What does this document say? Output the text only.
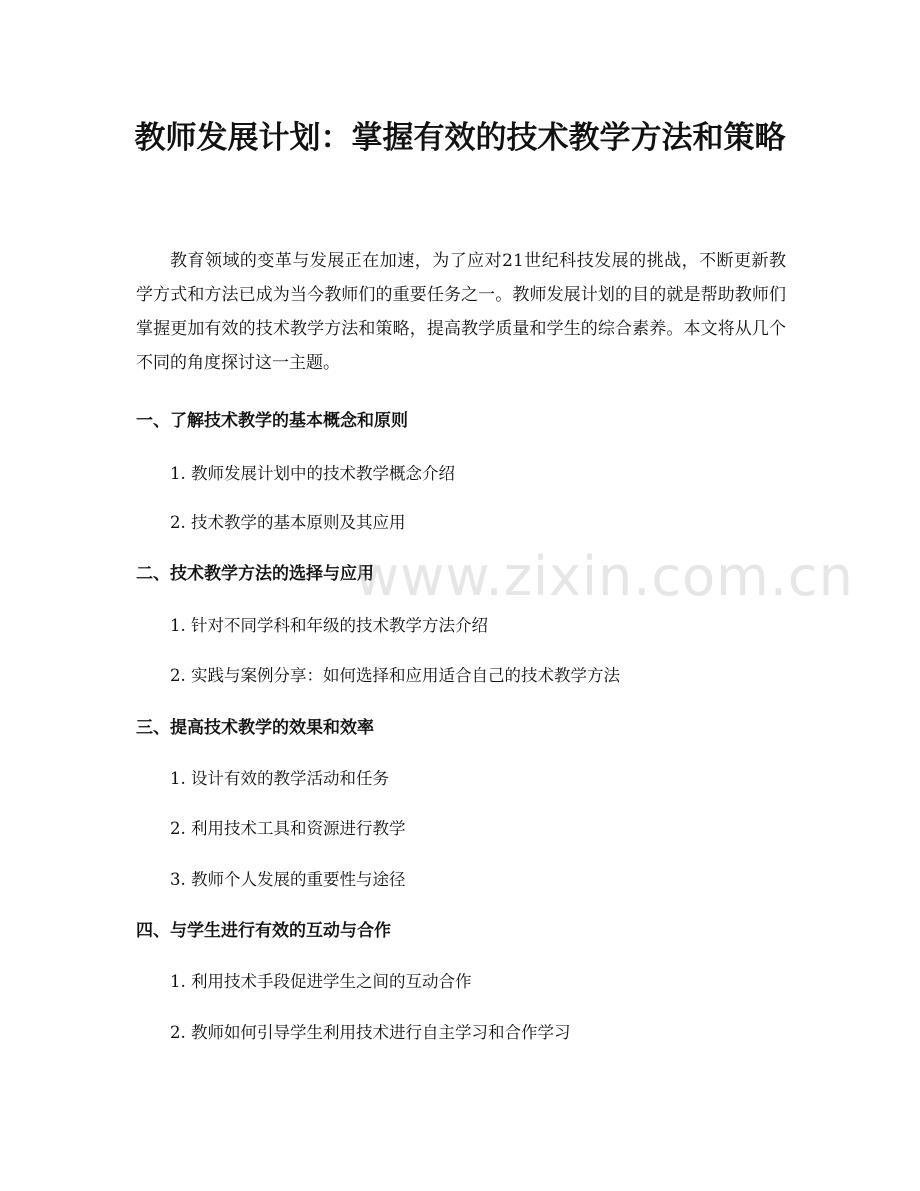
教师发展计划：掌握有效的技术教学方法和策略

教育领域的变革与发展正在加速，为了应对21世纪科技发展的挑战，不断更新教学方式和方法已成为当今教师们的重要任务之一。教师发展计划的目的就是帮助教师们掌握更加有效的技术教学方法和策略，提高教学质量和学生的综合素养。本文将从几个不同的角度探讨这一主题。

一、了解技术教学的基本概念和原则

1. 教师发展计划中的技术教学概念介绍

2. 技术教学的基本原则及其应用

二、技术教学方法的选择与应用

1. 针对不同学科和年级的技术教学方法介绍

2. 实践与案例分享：如何选择和应用适合自己的技术教学方法

三、提高技术教学的效果和效率

1. 设计有效的教学活动和任务

2. 利用技术工具和资源进行教学

3. 教师个人发展的重要性与途径

四、与学生进行有效的互动与合作

1. 利用技术手段促进学生之间的互动合作

2. 教师如何引导学生利用技术进行自主学习和合作学习

www.zixin.com.cn
